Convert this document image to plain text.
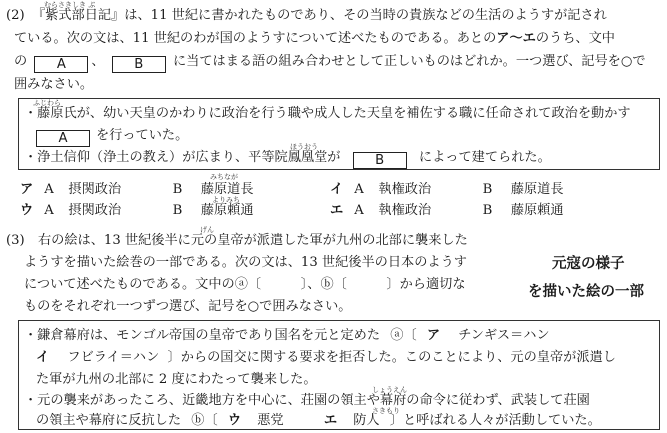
(2)
むらさきしき ぶ
『紫式部日記』は、11 世紀に書かれたものであり、その当時の貴族などの生活のようすが記され
ている。次の文は、11 世紀のわが国のようすについて述べたものである。あとのア〜エのうち、文中
の A 、 B に当てはまる語の組み合わせとして正しいものはどれか。一つ選び、記号を○で
囲みなさい。
ふじわら
・藤原氏が、幼い天皇のかわりに政治を行う職や成人した天皇を補佐する職に任命されて政治を動かす
A を行っていた。
ほうおう
・浄土信仰（浄土の教え）が広まり、平等院鳳凰堂が	B	によって建てられた。
みちなが
ア A 摂関政治	B 藤原道長	イ A 執権政治	B 藤原道長
よりみち
ウ A 摂関政治	B 藤原頼通	エ A 執権政治	B 藤原頼通
げん
(3) 右の絵は、13 世紀後半に元の皇帝が派遣した軍が九州の北部に襲来した
ようすを描いた絵巻の一部である。次の文は、13 世紀後半の日本のようす
について述べたものである。文中のⓐ〔　　　〕、ⓑ〔　　　〕から適切な
ものをそれぞれ一つずつ選び、記号を○で囲みなさい。
元寇の様子
を描いた絵の一部
・鎌倉幕府は、モンゴル帝国の皇帝であり国名を元と定めた ⓐ〔 ア チンギス＝ハン
イ フビライ＝ハン 〕からの国交に関する要求を拒否した。このことにより、元の皇帝が派遣し
た軍が九州の北部に 2 度にわたって襲来した。
しょうえん
・元の襲来があったころ、近畿地方を中心に、荘園の領主や幕府の命令に従わず、武装して荘園
さきもり
の領主や幕府に反抗した ⓑ〔 ウ 悪党	エ 防人 〕と呼ばれる人々が活動していた。
